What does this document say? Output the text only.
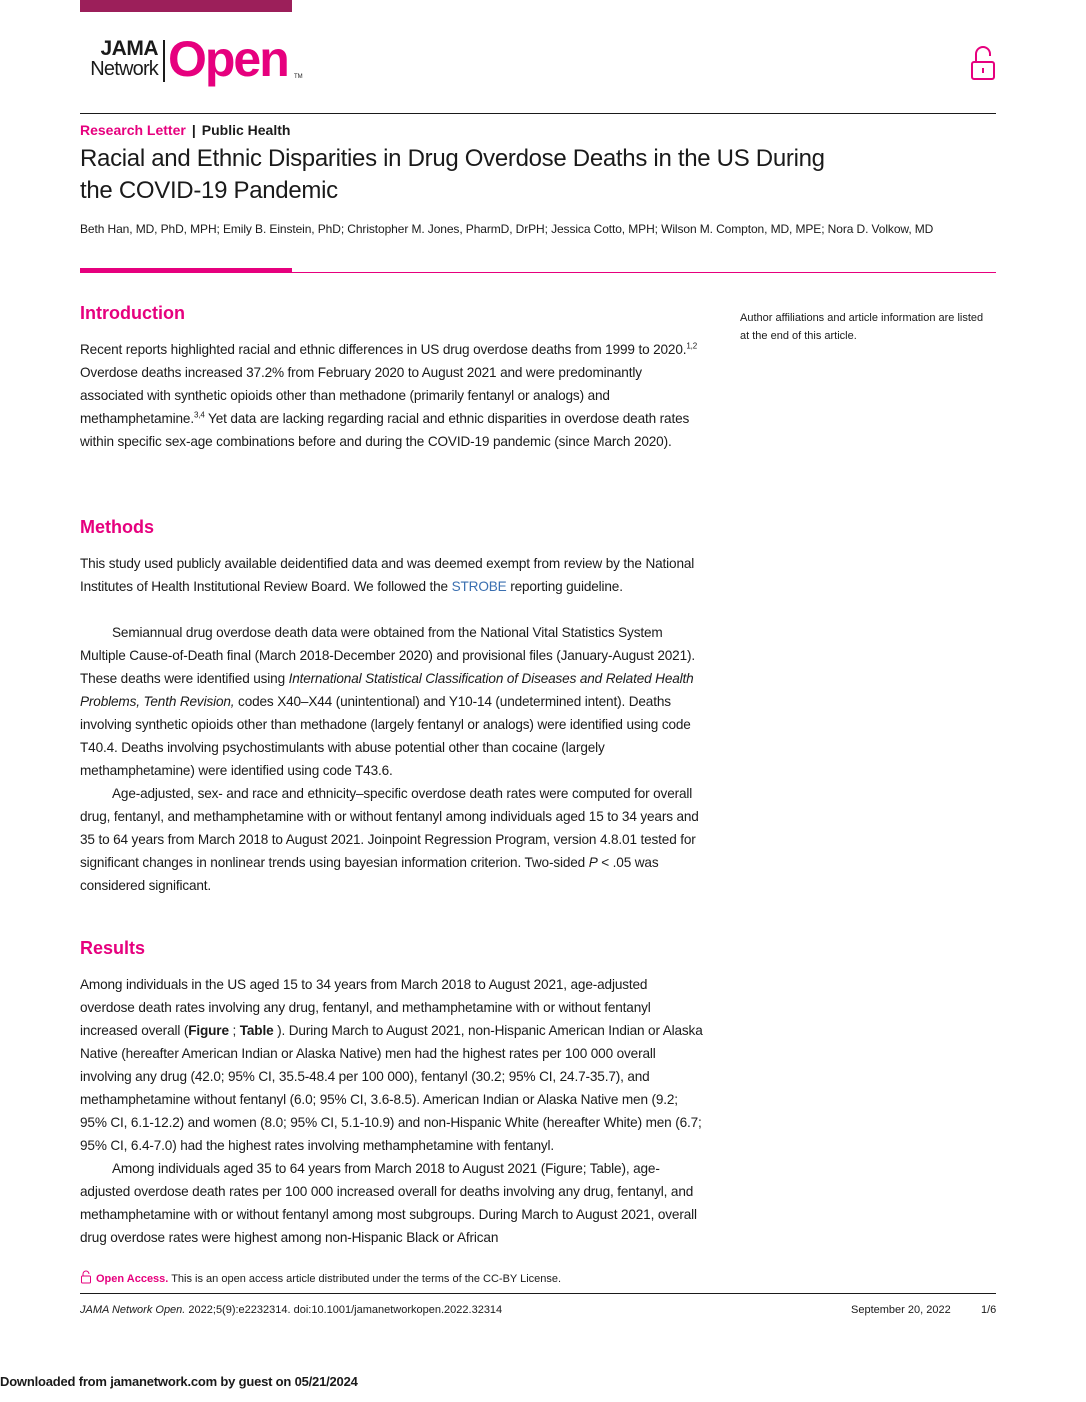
JAMA
Network Open TM
Research Letter | Public Health
Racial and Ethnic Disparities in Drug Overdose Deaths in the US During the COVID-19 Pandemic
Beth Han, MD, PhD, MPH; Emily B. Einstein, PhD; Christopher M. Jones, PharmD, DrPH; Jessica Cotto, MPH; Wilson M. Compton, MD, MPE; Nora D. Volkow, MD
Author affiliations and article information are listed at the end of this article.
Introduction

Recent reports highlighted racial and ethnic differences in US drug overdose deaths from 1999 to 2020.$^{1,2}$ Overdose deaths increased 37.2% from February 2020 to August 2021 and were predominantly associated with synthetic opioids other than methadone (primarily fentanyl or analogs) and methamphetamine.$^{3,4}$ Yet data are lacking regarding racial and ethnic disparities in overdose death rates within specific sex-age combinations before and during the COVID-19 pandemic (since March 2020).

Methods

This study used publicly available deidentified data and was deemed exempt from review by the National Institutes of Health Institutional Review Board. We followed the STROBE reporting guideline.

Semiannual drug overdose death data were obtained from the National Vital Statistics System Multiple Cause-of-Death final (March 2018-December 2020) and provisional files (January-August 2021). These deaths were identified using International Statistical Classification of Diseases and Related Health Problems, Tenth Revision, codes X40–X44 (unintentional) and Y10-14 (undetermined intent). Deaths involving synthetic opioids other than methadone (largely fentanyl or analogs) were identified using code T40.4. Deaths involving psychostimulants with abuse potential other than cocaine (largely methamphetamine) were identified using code T43.6.

Age-adjusted, sex- and race and ethnicity–specific overdose death rates were computed for overall drug, fentanyl, and methamphetamine with or without fentanyl among individuals aged 15 to 34 years and 35 to 64 years from March 2018 to August 2021. Joinpoint Regression Program, version 4.8.01 tested for significant changes in nonlinear trends using bayesian information criterion. Two-sided P < .05 was considered significant.

Results

Among individuals in the US aged 15 to 34 years from March 2018 to August 2021, age-adjusted overdose death rates involving any drug, fentanyl, and methamphetamine with or without fentanyl increased overall (Figure ; Table ). During March to August 2021, non-Hispanic American Indian or Alaska Native (hereafter American Indian or Alaska Native) men had the highest rates per 100 000 overall involving any drug (42.0; 95% CI, 35.5-48.4 per 100 000), fentanyl (30.2; 95% CI, 24.7-35.7), and methamphetamine without fentanyl (6.0; 95% CI, 3.6-8.5). American Indian or Alaska Native men (9.2; 95% CI, 6.1-12.2) and women (8.0; 95% CI, 5.1-10.9) and non-Hispanic White (hereafter White) men (6.7; 95% CI, 6.4-7.0) had the highest rates involving methamphetamine with fentanyl.

Among individuals aged 35 to 64 years from March 2018 to August 2021 (Figure; Table), age-adjusted overdose death rates per 100 000 increased overall for deaths involving any drug, fentanyl, and methamphetamine with or without fentanyl among most subgroups. During March to August 2021, overall drug overdose rates were highest among non-Hispanic Black or African

Open Access. This is an open access article distributed under the terms of the CC-BY License.
JAMA Network Open. 2022;5(9):e2232314. doi:10.1001/jamanetworkopen.2022.32314	September 20, 2022	1/6
Downloaded from jamanetwork.com by guest on 05/21/2024
